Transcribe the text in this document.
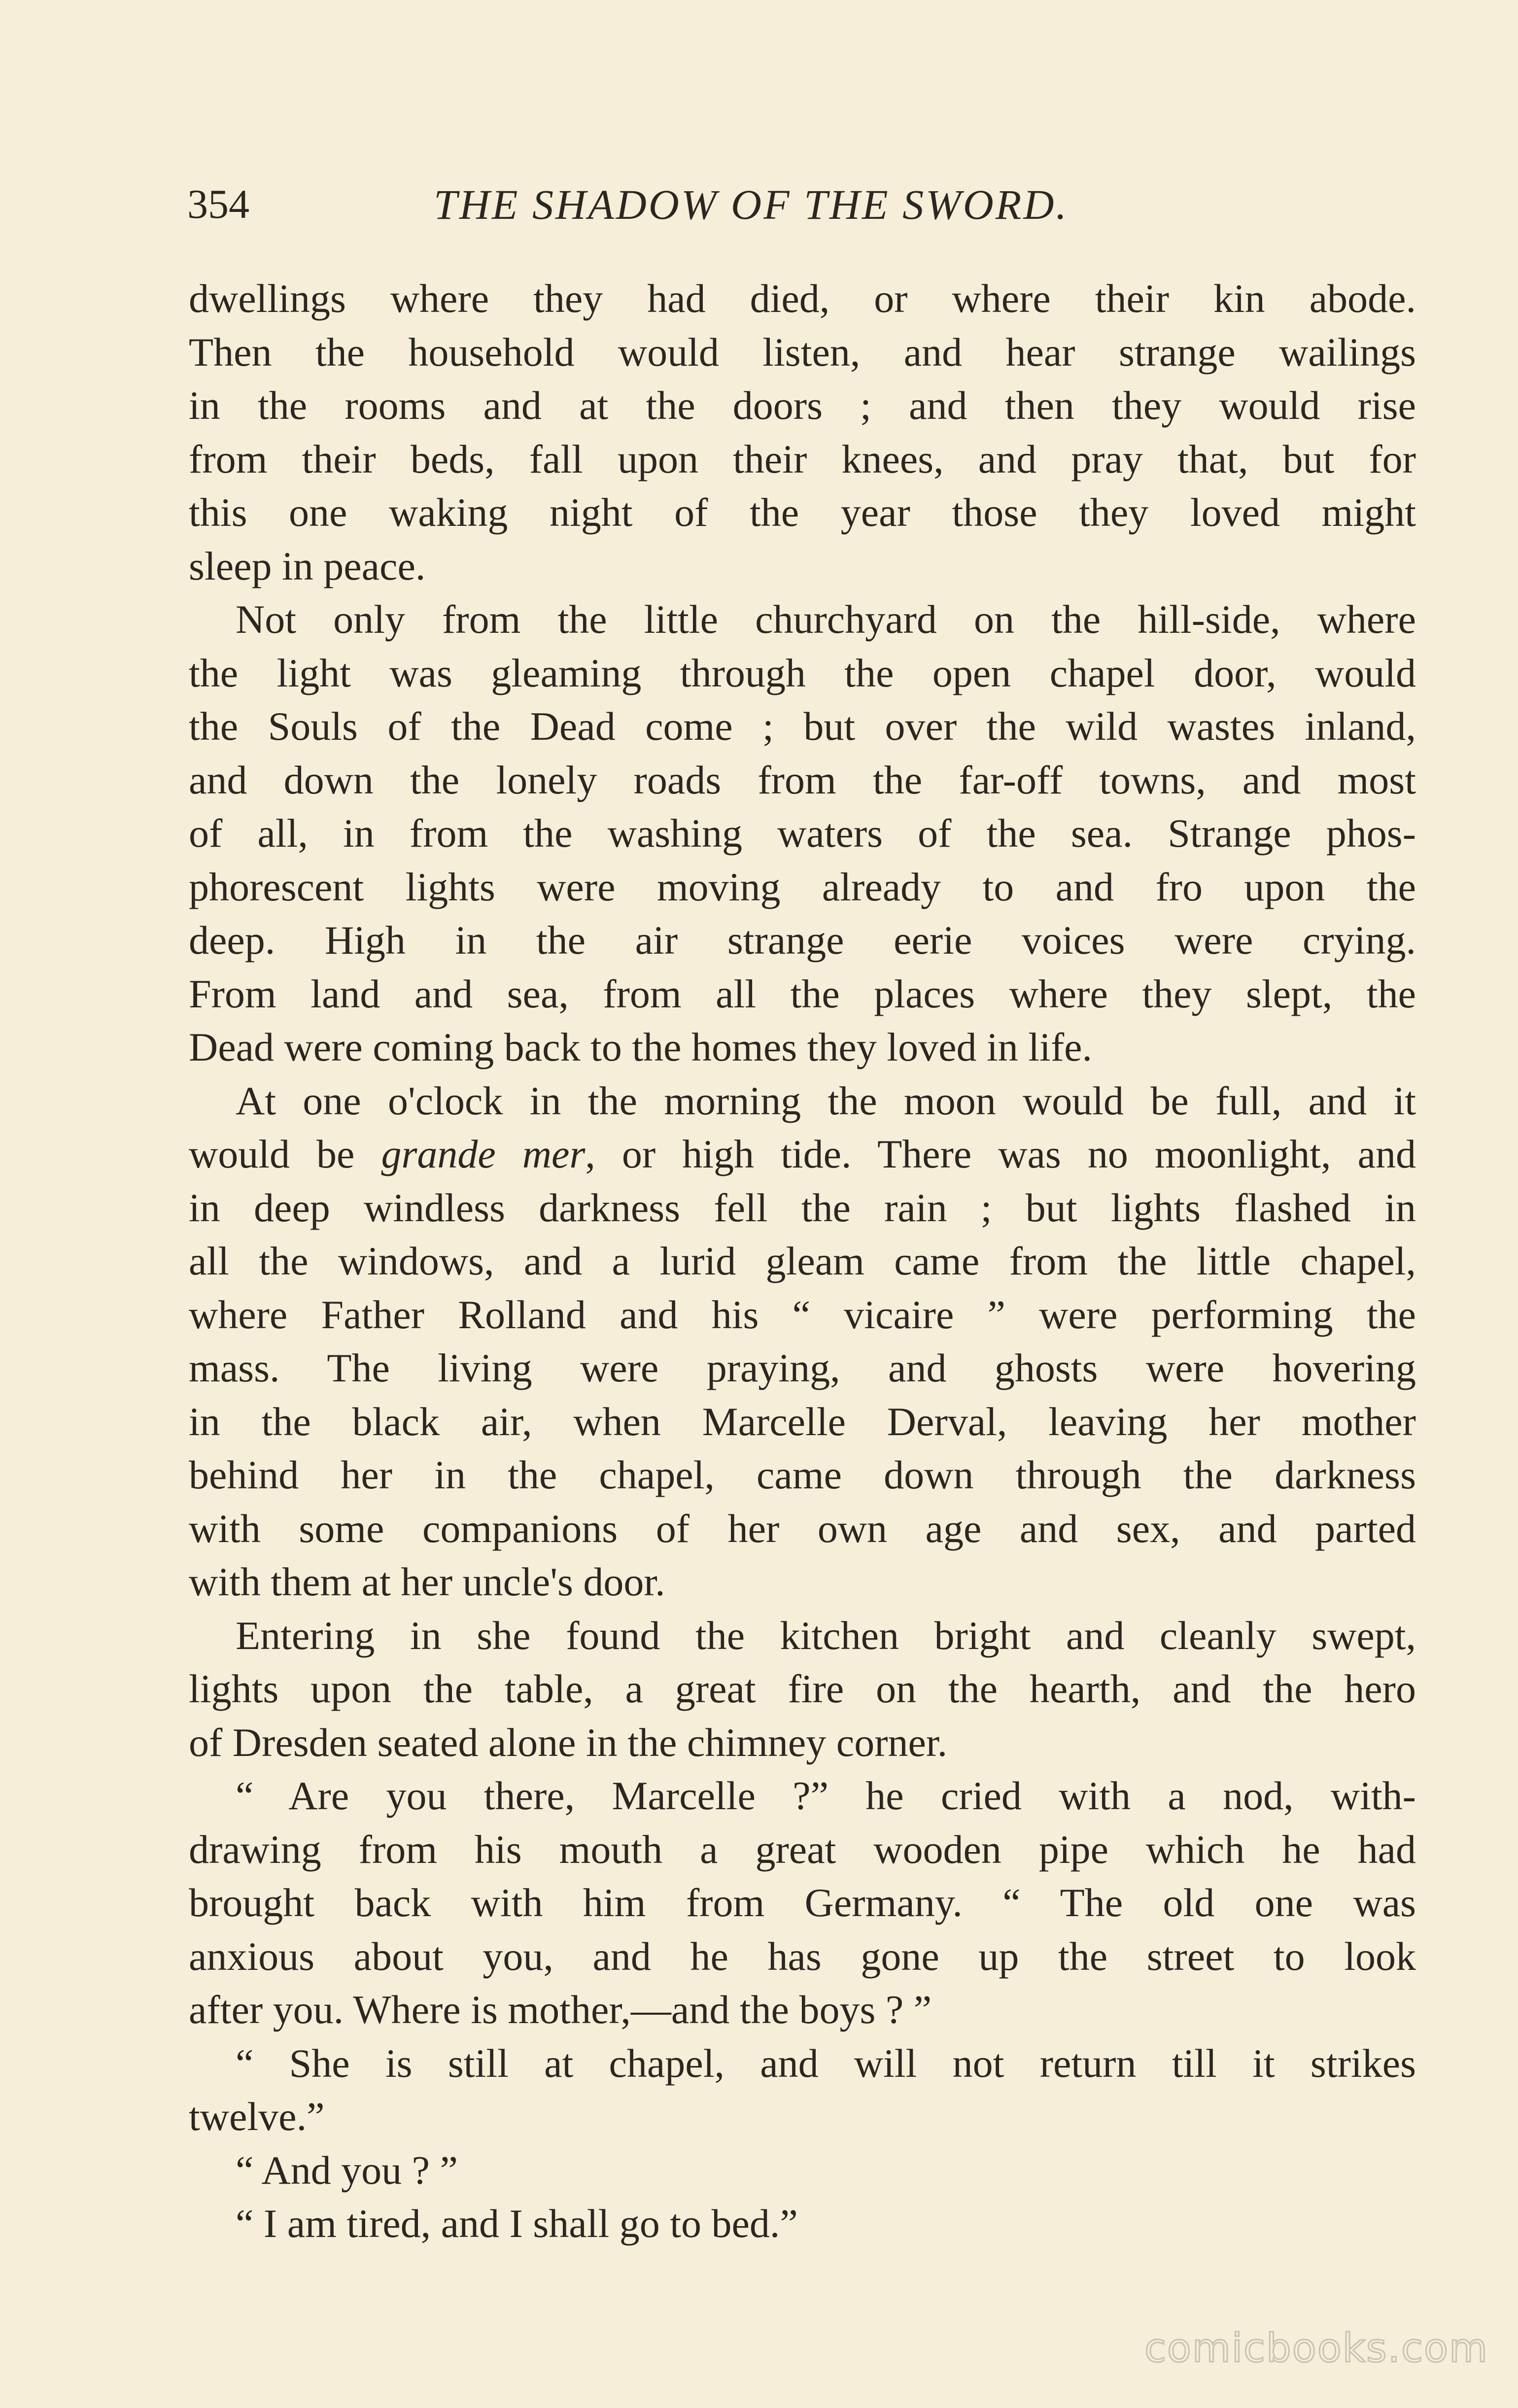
354	THE SHADOW OF THE SWORD.
dwellings where they had died, or where their kin abode.
Then the household would listen, and hear strange wailings
in the rooms and at the doors ; and then they would rise
from their beds, fall upon their knees, and pray that, but for
this one waking night of the year those they loved might
sleep in peace.
Not only from the little churchyard on the hill-side, where
the light was gleaming through the open chapel door, would
the Souls of the Dead come ; but over the wild wastes inland,
and down the lonely roads from the far-off towns, and most
of all, in from the washing waters of the sea. Strange phos-
phorescent lights were moving already to and fro upon the
deep. High in the air strange eerie voices were crying.
From land and sea, from all the places where they slept, the
Dead were coming back to the homes they loved in life.
At one o'clock in the morning the moon would be full, and it
would be grande mer, or high tide. There was no moonlight, and
in deep windless darkness fell the rain ; but lights flashed in
all the windows, and a lurid gleam came from the little chapel,
where Father Rolland and his “ vicaire ” were performing the
mass. The living were praying, and ghosts were hovering
in the black air, when Marcelle Derval, leaving her mother
behind her in the chapel, came down through the darkness
with some companions of her own age and sex, and parted
with them at her uncle's door.
Entering in she found the kitchen bright and cleanly swept,
lights upon the table, a great fire on the hearth, and the hero
of Dresden seated alone in the chimney corner.
“ Are you there, Marcelle ?” he cried with a nod, with-
drawing from his mouth a great wooden pipe which he had
brought back with him from Germany. “ The old one was
anxious about you, and he has gone up the street to look
after you. Where is mother,—and the boys ? ”
“ She is still at chapel, and will not return till it strikes
twelve.”
“ And you ? ”
“ I am tired, and I shall go to bed.”
comicbooks.com
